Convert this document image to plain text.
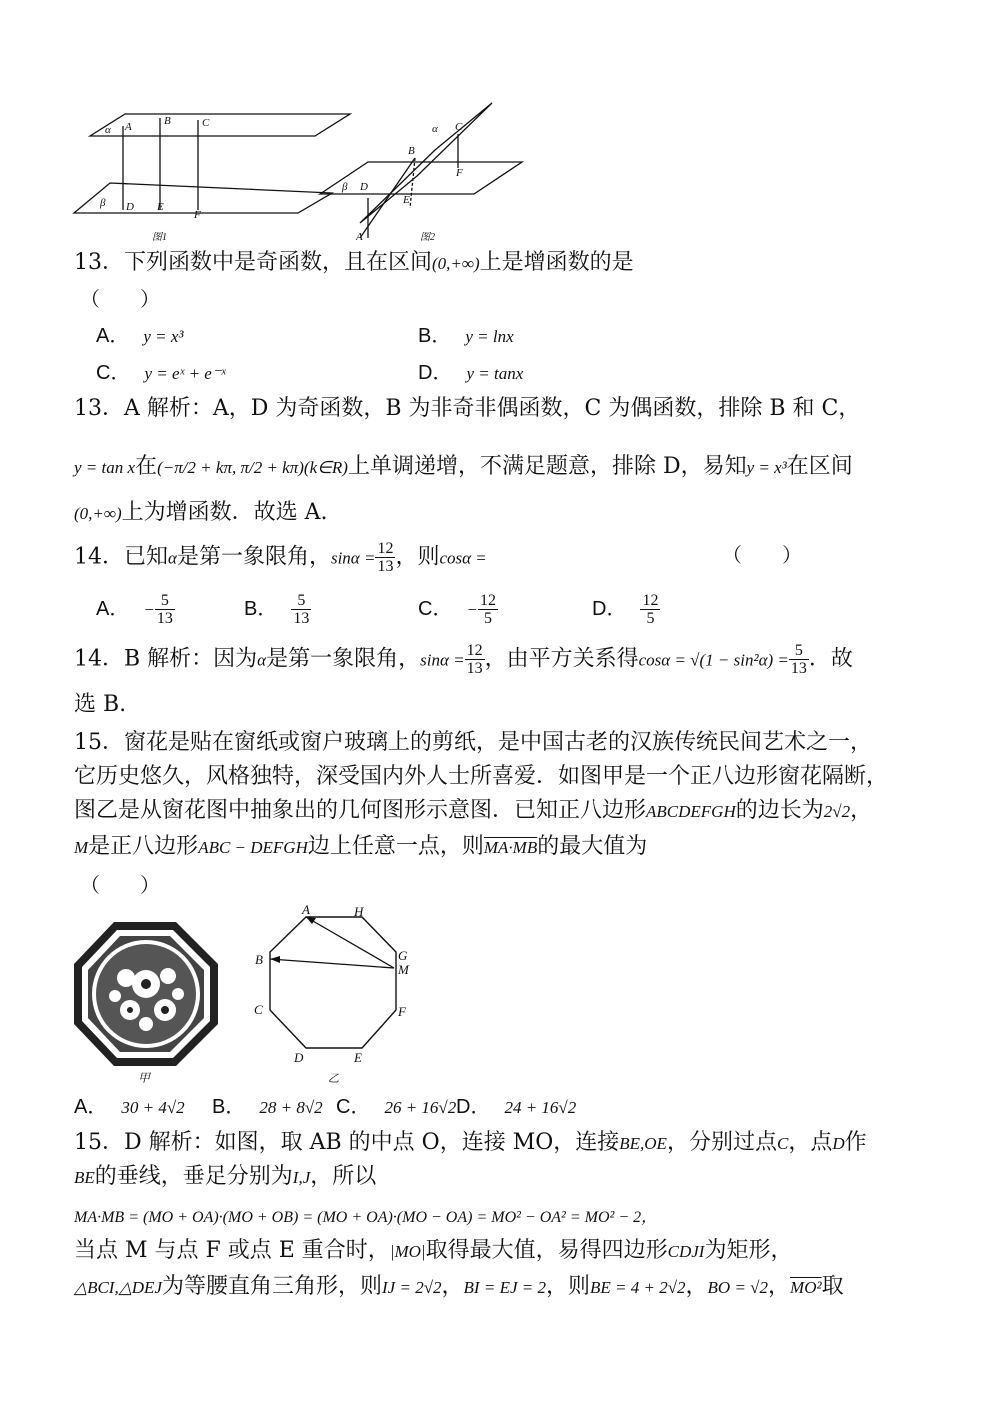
α A	B	C
β D E
F
图1
α C
B
F
β D
E
A	图2
13．下列函数中是奇函数，且在区间(0,+∞)上是增函数的是
（　　）
A． y = x³	B． y = lnx
C． y = eˣ + e⁻ˣ	D． y = tanx
13．A 解析：A，D 为奇函数，B 为非奇非偶函数，C 为偶函数，排除 B 和 C，
y = tan x在(−π/2 + kπ, π/2 + kπ)(k∈R)上单调递增，不满足题意，排除 D，易知y = x³在区间
(0,+∞)上为增函数．故选 A.
14．已知α是第一象限角，$\sin\alpha = \frac{12}{13}$ ，则cosα =	（　　）
A． − $\frac{5}{13}$	B． $\frac{5}{13}$	C． − $\frac{12}{5}$	D． $\frac{12}{5}$
14．B 解析：因为α是第一象限角，$\sin\alpha = \frac{12}{13}$ ，由平方关系得$\cos\alpha = √(1 - \sin^2\alpha) = \frac{5}{13}$ ．故
选 B.
15．窗花是贴在窗纸或窗户玻璃上的剪纸，是中国古老的汉族传统民间艺术之一，
它历史悠久，风格独特，深受国内外人士所喜爱．如图甲是一个正八边形窗花隔断，
图乙是从窗花图中抽象出的几何图形示意图．已知正八边形ABCDEFGH的边长为2√2，
M是正八边形ABC − DEFGH边上任意一点，则MA·MB的最大值为
（　　）
甲
A	H
G
M
B
C	F
D	E
乙
A． 30 + 4√2 B． 28 + 8√2 C． 26 + 16√2 D． 24 + 16√2
15．D 解析：如图，取 AB 的中点 O，连接 MO，连接BE,OE，分别过点C，点D作
BE的垂线，垂足分别为I,J，所以
MA·MB = (MO + OA)·(MO + OB) = (MO + OA)·(MO − OA) = MO² − OA² = MO² − 2，
当点 M 与点 F 或点 E 重合时，|MO|取得最大值，易得四边形CDJI为矩形，
△BCI,△DEJ为等腰直角三角形，则IJ = 2√2，BI = EJ = 2，则BE = 4 + 2√2，BO = √2，MO²取
